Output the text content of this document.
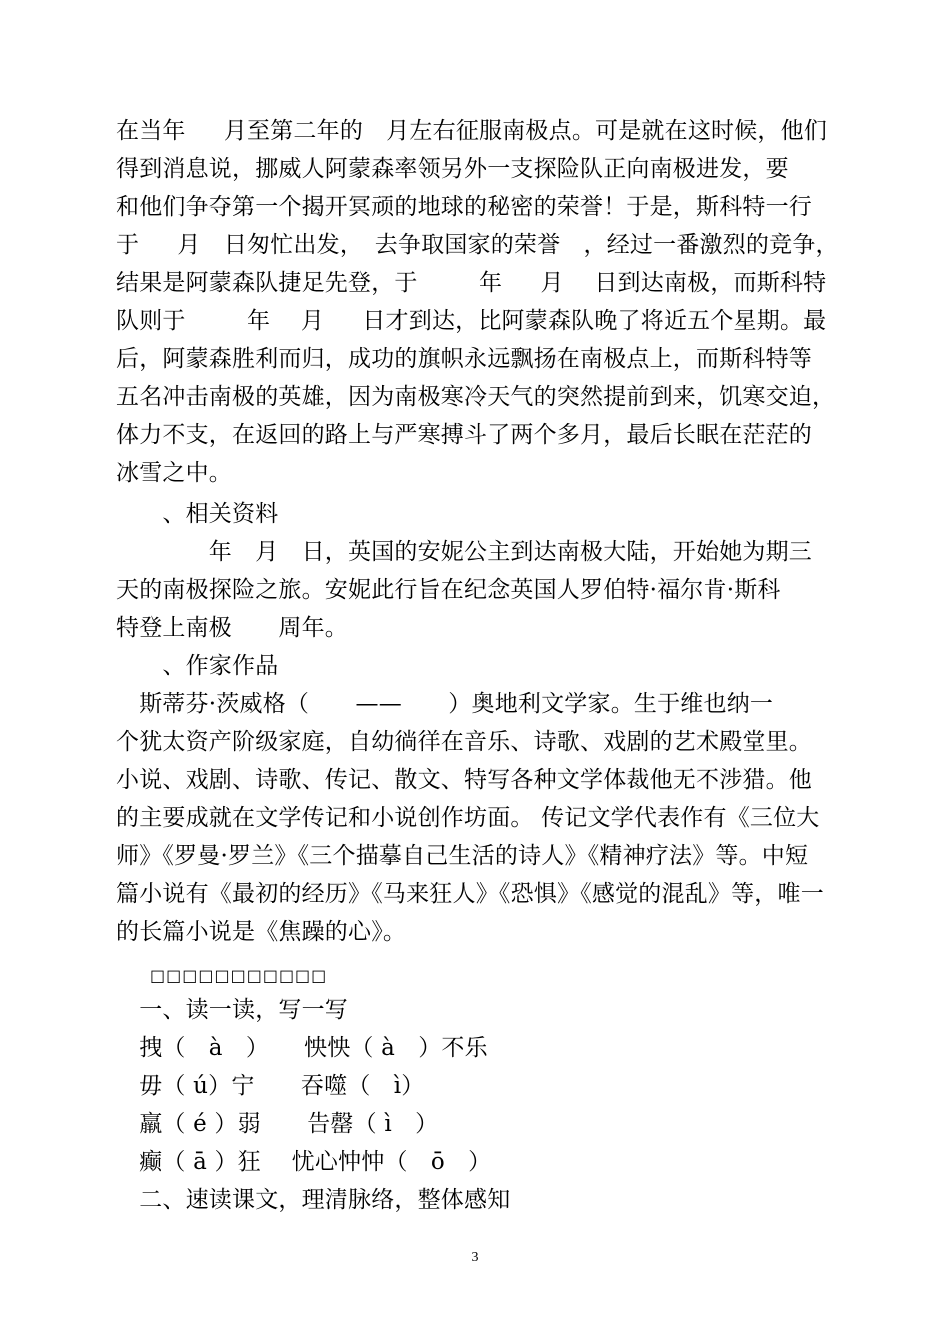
在当年　  月至第二年的　月左右征服南极点。可是就在这时候，他们
得到消息说，挪威人阿蒙森率领另外一支探险队正向南极进发，要
和他们争夺第一个揭开冥顽的地球的秘密的荣誉！于是，斯科特一行
于　  月　日匆忙出发，　去争取国家的荣誉　，经过一番激烈的竞争，
结果是阿蒙森队捷足先登，于　　  年　  月　 日到达南极，而斯科特
队则于　　  年　 月　  日才到达，比阿蒙森队晚了将近五个星期。最
后，阿蒙森胜利而归，成功的旗帜永远飘扬在南极点上，而斯科特等
五名冲击南极的英雄，因为南极寒冷天气的突然提前到来，饥寒交迫，
体力不支，在返回的路上与严寒搏斗了两个多月，最后长眠在茫茫的
冰雪之中。
　　、相关资料
　　　　年　月　日，英国的安妮公主到达南极大陆，开始她为期三
天的南极探险之旅。安妮此行旨在纪念英国人罗伯特·福尔肯·斯科
特登上南极　　周年。
　　、作家作品
　斯蒂芬·茨威格（　　——　　）奥地利文学家。生于维也纳一
个犹太资产阶级家庭，自幼徜徉在音乐、诗歌、戏剧的艺术殿堂里。
小说、戏剧、诗歌、传记、散文、特写各种文学体裁他无不涉猎。他
的主要成就在文学传记和小说创作坊面。 传记文学代表作有《三位大
师》《罗曼·罗兰》《三个描摹自己生活的诗人》《精神疗法》等。中短
篇小说有《最初的经历》《马来狂人》《恐惧》《感觉的混乱》等，唯一
的长篇小说是《焦躁的心》。
　　□□□□□□□□□□□
　一、读一读，写一写
　拽（　à　）　　怏怏（ à　）不乐
　毋（ ú）宁　　吞噬（　ì）
　羸（ é ）弱　　告罄（ ì　）
　癫（ ā ）狂　 忧心忡忡（　ō　）
　二、速读课文，理清脉络，整体感知
3
